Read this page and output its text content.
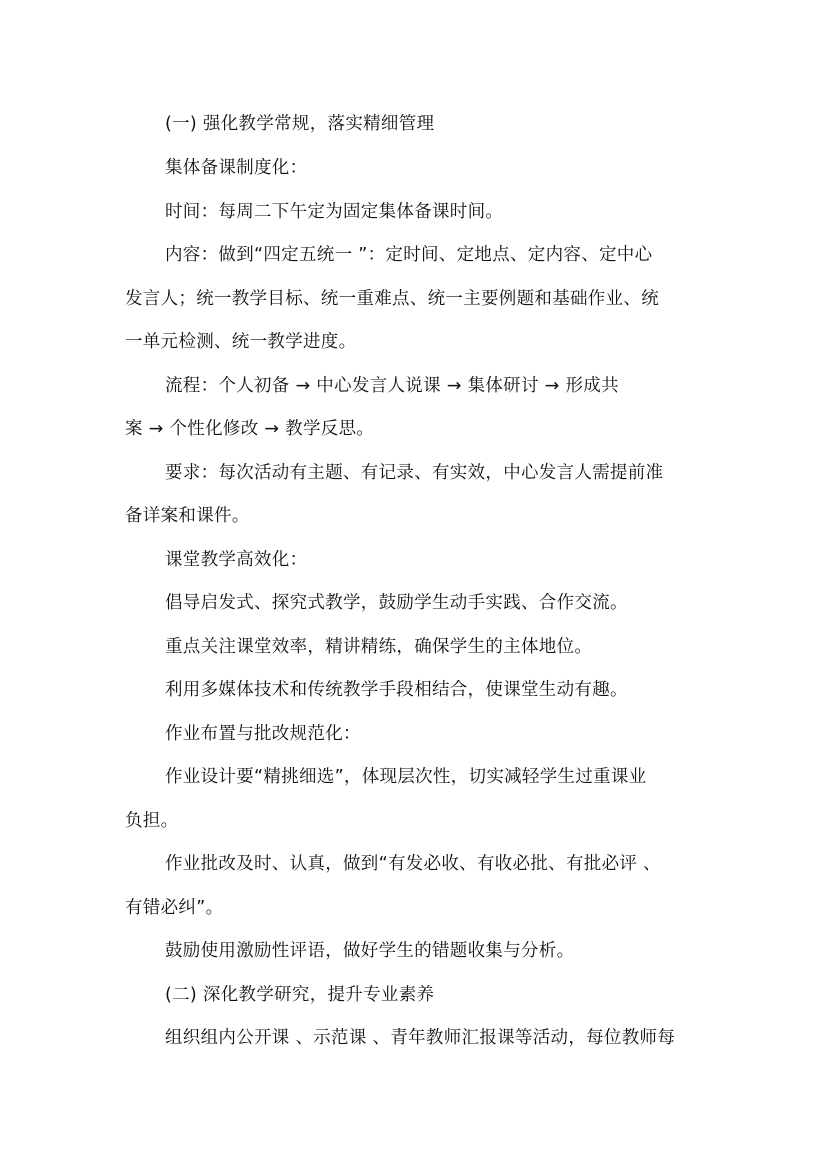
(一) 强化教学常规，落实精细管理
集体备课制度化：
时间：每周二下午定为固定集体备课时间。
内容：做到“四定五统一 ”：定时间、定地点、定内容、定中心
发言人；统一教学目标、统一重难点、统一主要例题和基础作业、统
一单元检测、统一教学进度。
流程：个人初备 → 中心发言人说课 → 集体研讨 → 形成共
案 → 个性化修改 → 教学反思。
要求：每次活动有主题、有记录、有实效，中心发言人需提前准
备详案和课件。
课堂教学高效化：
倡导启发式、探究式教学，鼓励学生动手实践、合作交流。
重点关注课堂效率，精讲精练，确保学生的主体地位。
利用多媒体技术和传统教学手段相结合，使课堂生动有趣。
作业布置与批改规范化：
作业设计要“精挑细选”，体现层次性，切实减轻学生过重课业
负担。
作业批改及时、认真，做到“有发必收、有收必批、有批必评 、
有错必纠”。
鼓励使用激励性评语，做好学生的错题收集与分析。
(二) 深化教学研究，提升专业素养
组织组内公开课 、示范课 、青年教师汇报课等活动，每位教师每
